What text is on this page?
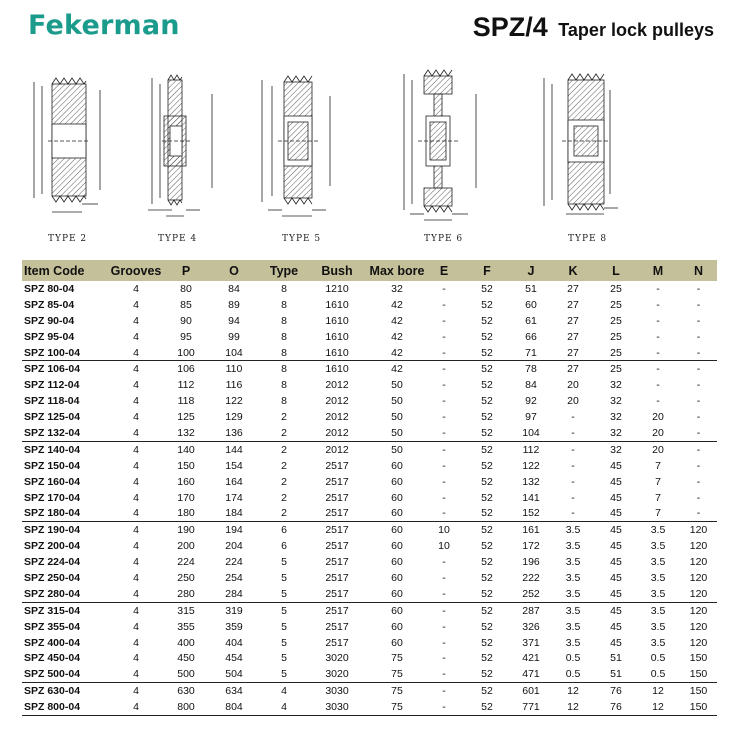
Fekerman	SPZ/4 Taper lock pulleys
TYPE 2	TYPE 4	TYPE 5	TYPE 6	TYPE 8
Item Code	Grooves	P	O	Type	Bush	Max bore	E	F	J	K	L	M	N
SPZ 80-04	4	80	84	8	1210	32	-	52	51	27	25	-	-
SPZ 85-04	4	85	89	8	1610	42	-	52	60	27	25	-	-
SPZ 90-04	4	90	94	8	1610	42	-	52	61	27	25	-	-
SPZ 95-04	4	95	99	8	1610	42	-	52	66	27	25	-	-
SPZ 100-04	4	100	104	8	1610	42	-	52	71	27	25	-	-
SPZ 106-04	4	106	110	8	1610	42	-	52	78	27	25	-	-
SPZ 112-04	4	112	116	8	2012	50	-	52	84	20	32	-	-
SPZ 118-04	4	118	122	8	2012	50	-	52	92	20	32	-	-
SPZ 125-04	4	125	129	2	2012	50	-	52	97	-	32	20	-
SPZ 132-04	4	132	136	2	2012	50	-	52	104	-	32	20	-
SPZ 140-04	4	140	144	2	2012	50	-	52	112	-	32	20	-
SPZ 150-04	4	150	154	2	2517	60	-	52	122	-	45	7	-
SPZ 160-04	4	160	164	2	2517	60	-	52	132	-	45	7	-
SPZ 170-04	4	170	174	2	2517	60	-	52	141	-	45	7	-
SPZ 180-04	4	180	184	2	2517	60	-	52	152	-	45	7	-
SPZ 190-04	4	190	194	6	2517	60	10	52	161	3.5	45	3.5	120
SPZ 200-04	4	200	204	6	2517	60	10	52	172	3.5	45	3.5	120
SPZ 224-04	4	224	224	5	2517	60	-	52	196	3.5	45	3.5	120
SPZ 250-04	4	250	254	5	2517	60	-	52	222	3.5	45	3.5	120
SPZ 280-04	4	280	284	5	2517	60	-	52	252	3.5	45	3.5	120
SPZ 315-04	4	315	319	5	2517	60	-	52	287	3.5	45	3.5	120
SPZ 355-04	4	355	359	5	2517	60	-	52	326	3.5	45	3.5	120
SPZ 400-04	4	400	404	5	2517	60	-	52	371	3.5	45	3.5	120
SPZ 450-04	4	450	454	5	3020	75	-	52	421	0.5	51	0.5	150
SPZ 500-04	4	500	504	5	3020	75	-	52	471	0.5	51	0.5	150
SPZ 630-04	4	630	634	4	3030	75	-	52	601	12	76	12	150
SPZ 800-04	4	800	804	4	3030	75	-	52	771	12	76	12	150
